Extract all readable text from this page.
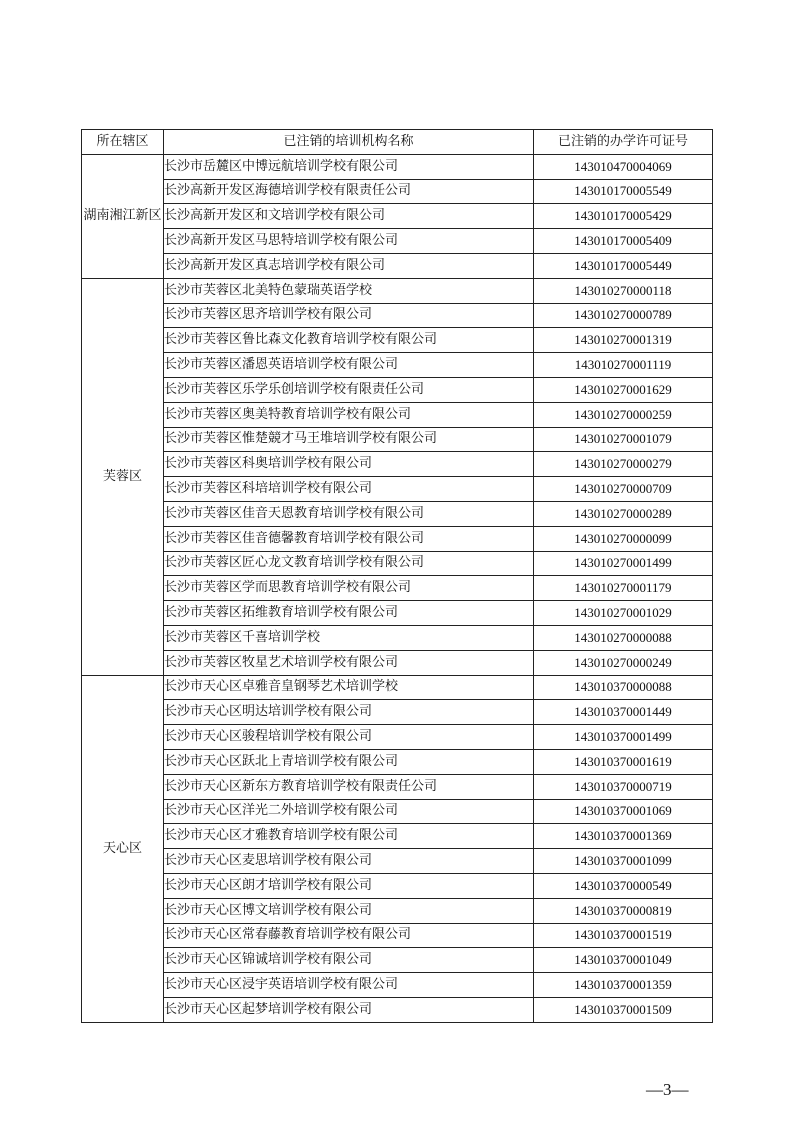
所在辖区	已注销的培训机构名称	已注销的办学许可证号
湖南湘江新区	长沙市岳麓区中博远航培训学校有限公司	143010470004069
	长沙高新开发区海德培训学校有限责任公司	143010170005549
	长沙高新开发区和文培训学校有限公司	143010170005429
	长沙高新开发区马思特培训学校有限公司	143010170005409
	长沙高新开发区真志培训学校有限公司	143010170005449
芙蓉区	长沙市芙蓉区北美特色蒙瑞英语学校	143010270000118
	长沙市芙蓉区思齐培训学校有限公司	143010270000789
	长沙市芙蓉区鲁比森文化教育培训学校有限公司	143010270001319
	长沙市芙蓉区潘恩英语培训学校有限公司	143010270001119
	长沙市芙蓉区乐学乐创培训学校有限责任公司	143010270001629
	长沙市芙蓉区奥美特教育培训学校有限公司	143010270000259
	长沙市芙蓉区惟楚競才马王堆培训学校有限公司	143010270001079
	长沙市芙蓉区科奥培训学校有限公司	143010270000279
	长沙市芙蓉区科培培训学校有限公司	143010270000709
	长沙市芙蓉区佳音天恩教育培训学校有限公司	143010270000289
	长沙市芙蓉区佳音德馨教育培训学校有限公司	143010270000099
	长沙市芙蓉区匠心龙文教育培训学校有限公司	143010270001499
	长沙市芙蓉区学而思教育培训学校有限公司	143010270001179
	长沙市芙蓉区拓维教育培训学校有限公司	143010270001029
	长沙市芙蓉区千喜培训学校	143010270000088
	长沙市芙蓉区牧星艺术培训学校有限公司	143010270000249
天心区	长沙市天心区卓雅音皇钢琴艺术培训学校	143010370000088
	长沙市天心区明达培训学校有限公司	143010370001449
	长沙市天心区骏程培训学校有限公司	143010370001499
	长沙市天心区跃北上青培训学校有限公司	143010370001619
	长沙市天心区新东方教育培训学校有限责任公司	143010370000719
	长沙市天心区洋光二外培训学校有限公司	143010370001069
	长沙市天心区才雅教育培训学校有限公司	143010370001369
	长沙市天心区麦思培训学校有限公司	143010370001099
	长沙市天心区朗才培训学校有限公司	143010370000549
	长沙市天心区博文培训学校有限公司	143010370000819
	长沙市天心区常春藤教育培训学校有限公司	143010370001519
	长沙市天心区锦诚培训学校有限公司	143010370001049
	长沙市天心区浸宇英语培训学校有限公司	143010370001359
	长沙市天心区起梦培训学校有限公司	143010370001509
—3—
